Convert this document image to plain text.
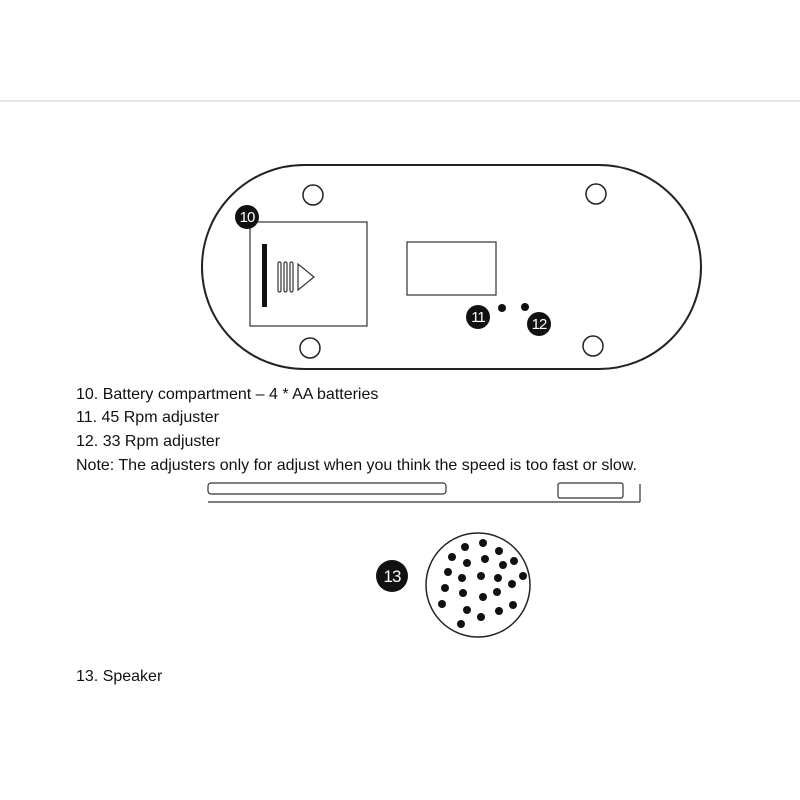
10
11	12
13
10. Battery compartment – 4 * AA batteries
11. 45 Rpm adjuster
12. 33 Rpm adjuster
Note: The adjusters only for adjust when you think the speed is too fast or slow.
13. Speaker
